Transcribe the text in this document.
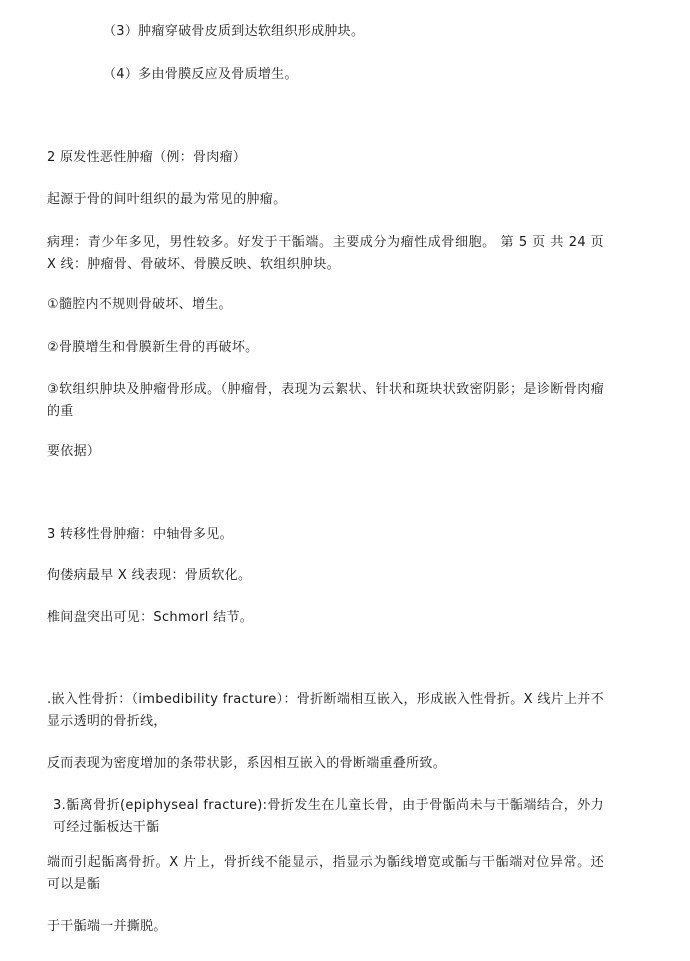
（3）肿瘤穿破骨皮质到达软组织形成肿块。
（4）多由骨膜反应及骨质增生。
2 原发性恶性肿瘤（例：骨肉瘤）
起源于骨的间叶组织的最为常见的肿瘤。
病理：青少年多见，男性较多。好发于干骺端。主要成分为瘤性成骨细胞。 第 5 页 共 24 页 X 线：肿瘤骨、骨破坏、骨膜反映、软组织肿块。
①髓腔内不规则骨破坏、增生。
②骨膜增生和骨膜新生骨的再破坏。
③软组织肿块及肿瘤骨形成。（肿瘤骨，表现为云絮状、针状和斑块状致密阴影；是诊断骨肉瘤的重
要依据）
3 转移性骨肿瘤：中轴骨多见。
佝偻病最早 X 线表现：骨质软化。
椎间盘突出可见：Schmorl 结节。
.嵌入性骨折：（imbedibility fracture）：骨折断端相互嵌入，形成嵌入性骨折。X 线片上并不显示透明的骨折线，
反而表现为密度增加的条带状影，系因相互嵌入的骨断端重叠所致。
3.骺离骨折(epiphyseal fracture):骨折发生在儿童长骨，由于骨骺尚未与干骺端结合，外力可经过骺板达干骺
端而引起骺离骨折。X 片上，骨折线不能显示，指显示为骺线增宽或骺与干骺端对位异常。还可以是骺
于干骺端一并撕脱。
